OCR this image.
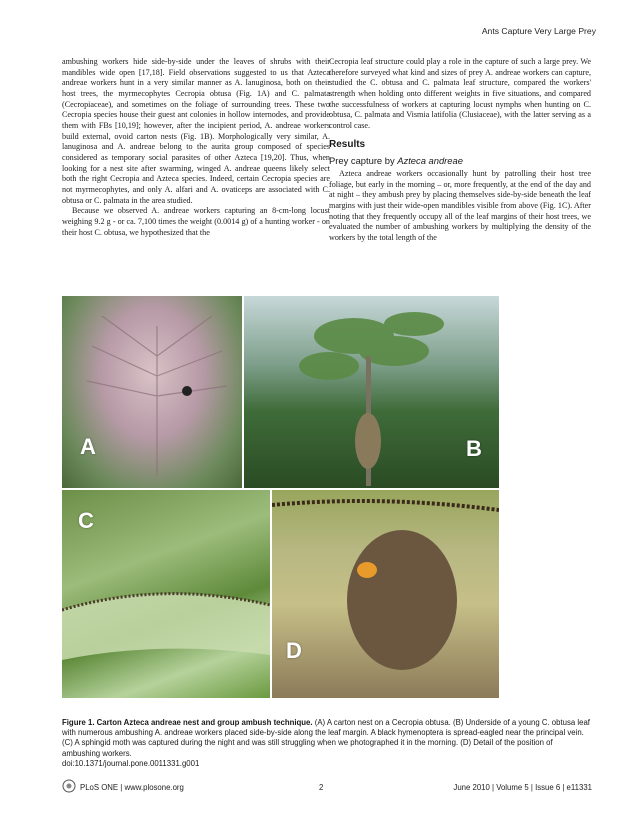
Ants Capture Very Large Prey

ambushing workers hide side-by-side under the leaves of shrubs with their mandibles wide open [17,18]. Field observations suggested to us that Azteca andreae workers hunt in a very similar manner as A. lanuginosa, both on their host trees, the myrmecophytes Cecropia obtusa (Fig. 1A) and C. palmata (Cecropiaceae), and sometimes on the foliage of surrounding trees. These two Cecropia species house their guest ant colonies in hollow internodes, and provide them with FBs [10,19]; however, after the incipient period, A. andreae workers build external, ovoid carton nests (Fig. 1B). Morphologically very similar, A. lanuginosa and A. andreae belong to the aurita group composed of species considered as temporary social parasites of other Azteca [19,20]. Thus, when looking for a nest site after swarming, winged A. andreae queens likely select both the right Cecropia and Azteca species. Indeed, certain Cecropia species are not myrmecophytes, and only A. alfari and A. ovaticeps are associated with C. obtusa or C. palmata in the area studied.

Because we observed A. andreae workers capturing an 8-cm-long locust weighing 9.2 g - or ca. 7,100 times the weight (0.0014 g) of a hunting worker - on their host C. obtusa, we hypothesized that the

Cecropia leaf structure could play a role in the capture of such a large prey. We therefore surveyed what kind and sizes of prey A. andreae workers can capture, studied the C. obtusa and C. palmata leaf structure, compared the workers' strength when holding onto different weights in five situations, and compared the successfulness of workers at capturing locust nymphs when hunting on C. obtusa, C. palmata and Vismia latifolia (Clusiaceae), with the latter serving as a control case.

Results
Prey capture by Azteca andreae

Azteca andreae workers occasionally hunt by patrolling their host tree foliage, but early in the morning – or, more frequently, at the end of the day and at night – they ambush prey by placing themselves side-by-side beneath the leaf margins with just their wide-open mandibles visible from above (Fig. 1C). After noting that they frequently occupy all of the leaf margins of their host trees, we evaluated the number of ambushing workers by multiplying the density of the workers by the total length of the

A	B
C
D
Figure 1. Carton Azteca andreae nest and group ambush technique. (A) A carton nest on a Cecropia obtusa. (B) Underside of a young C. obtusa leaf with numerous ambushing A. andreae workers placed side-by-side along the leaf margin. A black hymenoptera is spread-eagled near the principal vein. (C) A sphingid moth was captured during the night and was still struggling when we photographed it in the morning. (D) Detail of the position of ambushing workers.
doi:10.1371/journal.pone.0011331.g001
PLoS ONE | www.plosone.org	2	June 2010 | Volume 5 | Issue 6 | e11331
